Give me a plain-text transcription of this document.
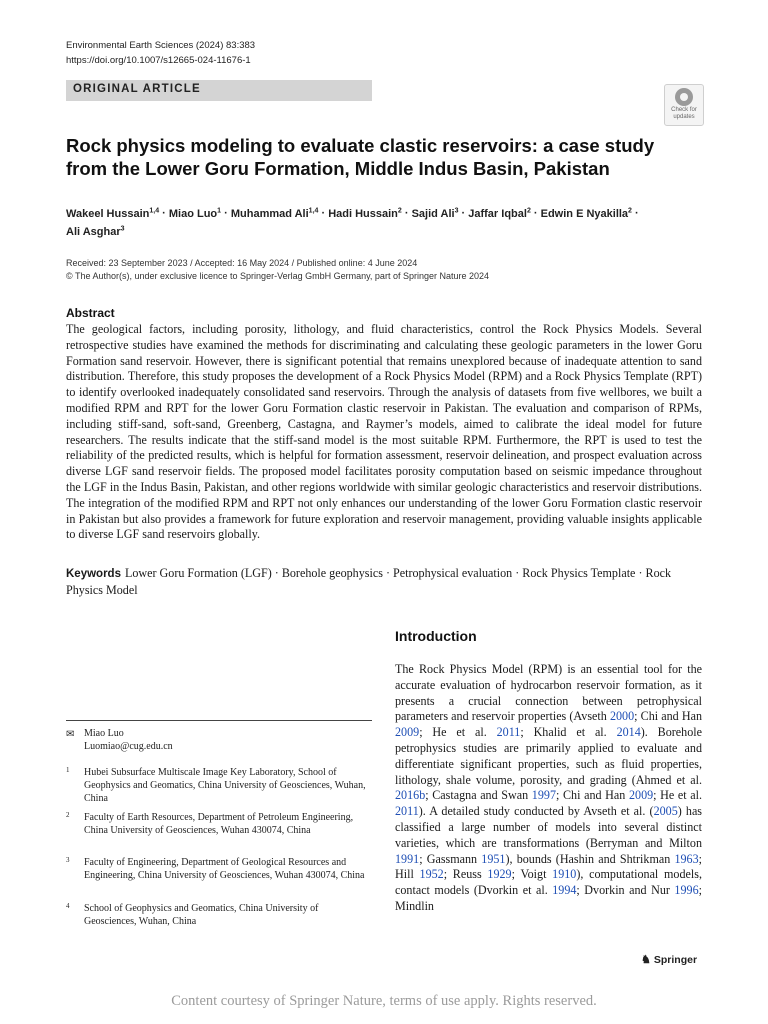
Environmental Earth Sciences (2024) 83:383
https://doi.org/10.1007/s12665-024-11676-1
ORIGINAL ARTICLE
Check for
updates
Rock physics modeling to evaluate clastic reservoirs: a case study
from the Lower Goru Formation, Middle Indus Basin, Pakistan
Wakeel Hussain$^{1,4}$ · Miao Luo$^1$ · Muhammad Ali$^{1,4}$ · Hadi Hussain$^2$ · Sajid Ali$^3$ · Jaffar Iqbal$^2$ · Edwin E Nyakilla$^2$ ·
Ali Asghar$^3$
Received: 23 September 2023 / Accepted: 16 May 2024 / Published online: 4 June 2024
© The Author(s), under exclusive licence to Springer-Verlag GmbH Germany, part of Springer Nature 2024
Abstract
The geological factors, including porosity, lithology, and fluid characteristics, control the Rock Physics Models. Several retrospective studies have examined the methods for discriminating and calculating these geologic parameters in the lower Goru Formation sand reservoir. However, there is significant potential that remains unexplored because of inadequate attention to sand distribution. Therefore, this study proposes the development of a Rock Physics Model (RPM) and a Rock Physics Template (RPT) to identify overlooked inadequately consolidated sand reservoirs. Through the analysis of datasets from five wellbores, we built a modified RPM and RPT for the lower Goru Formation clastic reservoir in Pakistan. The evaluation and comparison of RPMs, including stiff-sand, soft-sand, Greenberg, Castagna, and Raymer’s models, aimed to calibrate the ideal model for future researchers. The results indicate that the stiff-sand model is the most suitable RPM. Furthermore, the RPT is used to test the reliability of the predicted results, which is helpful for formation assessment, reservoir delineation, and prospect evaluation across diverse LGF sand reservoir fields. The proposed model facilitates porosity computation based on seismic impedance throughout the LGF in the Indus Basin, Pakistan, and other regions worldwide with similar geologic characteristics and reservoir distributions. The integration of the modified RPM and RPT not only enhances our understanding of the lower Goru Formation clastic reservoir in Pakistan but also provides a framework for future exploration and reservoir management, providing valuable insights applicable to diverse LGF sand reservoirs globally.
Keywords Lower Goru Formation (LGF) · Borehole geophysics · Petrophysical evaluation · Rock Physics Template · Rock Physics Model
Introduction
The Rock Physics Model (RPM) is an essential tool for the accurate evaluation of hydrocarbon reservoir formation, as it presents a crucial connection between petrophysical parameters and reservoir properties (Avseth 2000; Chi and Han 2009; He et al. 2011; Khalid et al. 2014). Borehole petrophysics studies are primarily applied to evaluate and differentiate significant properties, such as fluid properties, lithology, shale volume, porosity, and grading (Ahmed et al. 2016b; Castagna and Swan 1997; Chi and Han 2009; He et al. 2011). A detailed study conducted by Avseth et al. (2005) has classified a large number of models into several distinct varieties, which are transformations (Berryman and Milton 1991; Gassmann 1951), bounds (Hashin and Shtrikman 1963; Hill 1952; Reuss 1929; Voigt 1910), computational models, contact models (Dvorkin et al. 1994; Dvorkin and Nur 1996; Mindlin
✉ Miao Luo
Luomiao@cug.edu.cn
1 Hubei Subsurface Multiscale Image Key Laboratory, School of Geophysics and Geomatics, China University of Geosciences, Wuhan, China
2 Faculty of Earth Resources, Department of Petroleum Engineering, China University of Geosciences, Wuhan 430074, China
3 Faculty of Engineering, Department of Geological Resources and Engineering, China University of Geosciences, Wuhan 430074, China
4 School of Geophysics and Geomatics, China University of Geosciences, Wuhan, China
♞ Springer
Content courtesy of Springer Nature, terms of use apply. Rights reserved.
